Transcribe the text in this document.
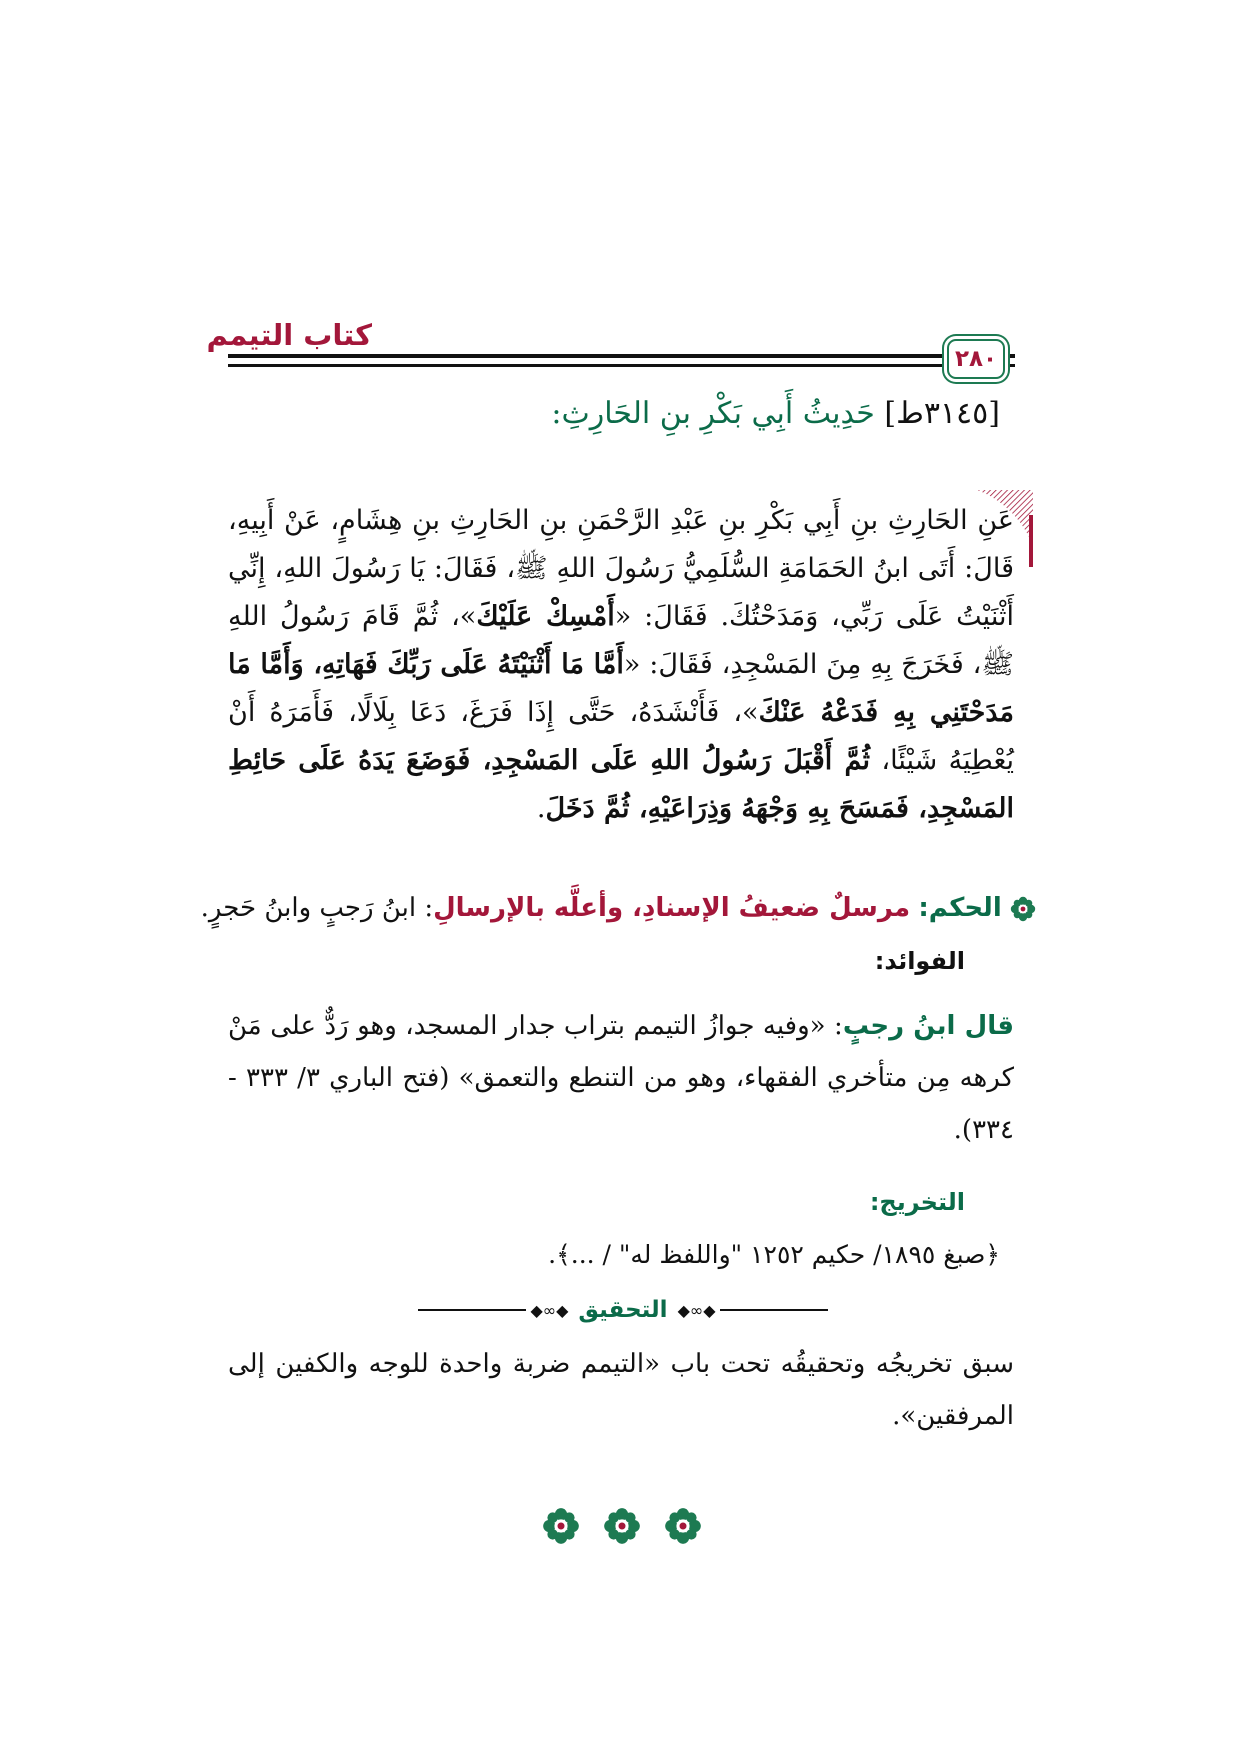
كتاب التيمم
٢٨٠
[٣١٤٥ط] حَدِيثُ أَبِي بَكْرِ بنِ الحَارِثِ:
عَنِ الحَارِثِ بنِ أَبِي بَكْرِ بنِ عَبْدِ الرَّحْمَنِ بنِ الحَارِثِ بنِ هِشَامٍ، عَنْ أَبِيهِ، قَالَ: أَتَى ابنُ الحَمَامَةِ السُّلَمِيُّ رَسُولَ اللهِ ﷺ، فَقَالَ: يَا رَسُولَ اللهِ، إِنِّي أَثْنَيْتُ عَلَى رَبِّي، وَمَدَحْتُكَ. فَقَالَ: «أَمْسِكْ عَلَيْكَ»، ثُمَّ قَامَ رَسُولُ اللهِ ﷺ، فَخَرَجَ بِهِ مِنَ المَسْجِدِ، فَقَالَ: «أَمَّا مَا أَثْنَيْتَهُ عَلَى رَبِّكَ فَهَاتِهِ، وَأَمَّا مَا مَدَحْتَنِي بِهِ فَدَعْهُ عَنْكَ»، فَأَنْشَدَهُ، حَتَّى إِذَا فَرَغَ، دَعَا بِلَالًا، فَأَمَرَهُ أَنْ يُعْطِيَهُ شَيْئًا، ثُمَّ أَقْبَلَ رَسُولُ اللهِ عَلَى المَسْجِدِ، فَوَضَعَ يَدَهُ عَلَى حَائِطِ المَسْجِدِ، فَمَسَحَ بِهِ وَجْهَهُ وَذِرَاعَيْهِ، ثُمَّ دَخَلَ.
الحكم: مرسلٌ ضعيفُ الإسنادِ، وأعلَّه بالإرسالِ: ابنُ رَجبٍ وابنُ حَجرٍ.
الفوائد:
قال ابنُ رجبٍ: «وفيه جوازُ التيمم بتراب جدار المسجد، وهو رَدٌّ على مَنْ كرهه مِن متأخري الفقهاء، وهو من التنطع والتعمق» (فتح الباري ٣/ ٣٣٣ - ٣٣٤).
التخريج:
﴿صبغ ١٨٩٥/ حكيم ١٢٥٢ "واللفظ له" / ...﴾.
◆∞◆
التحقيق
◆∞◆
سبق تخريجُه وتحقيقُه تحت باب «التيمم ضربة واحدة للوجه والكفين إلى المرفقين».
